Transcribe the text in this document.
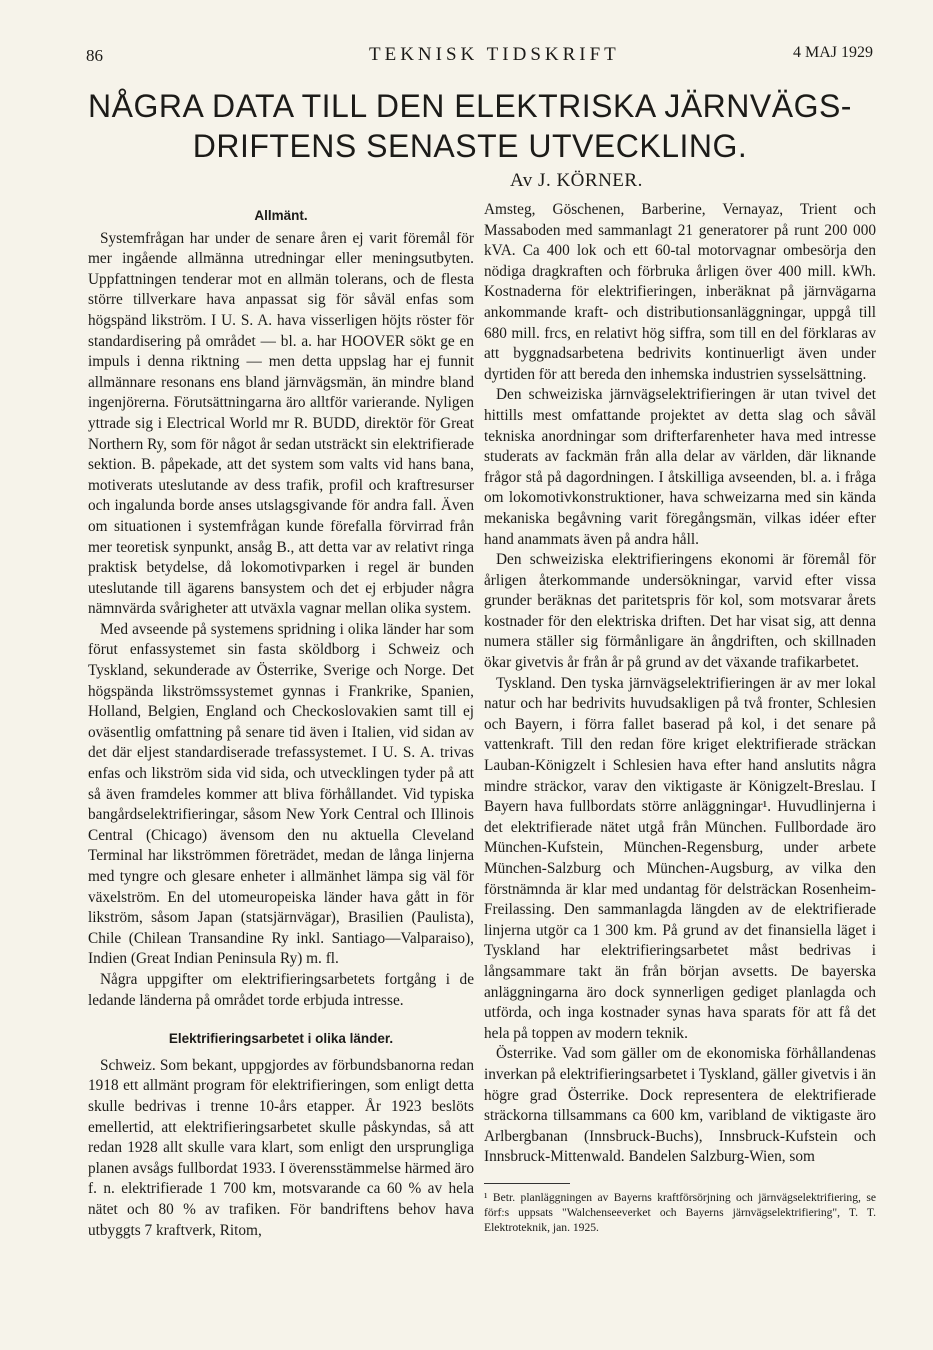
86	TEKNISK TIDSKRIFT	4 MAJ 1929
NÅGRA DATA TILL DEN ELEKTRISKA JÄRNVÄGS-
DRIFTENS SENASTE UTVECKLING.
Av J. KÖRNER.
Allmänt.

Systemfrågan har under de senare åren ej varit föremål för mer ingående allmänna utredningar eller meningsutbyten. Uppfattningen tenderar mot en allmän tolerans, och de flesta större tillverkare hava anpassat sig för såväl enfas som högspänd likström. I U. S. A. hava visserligen höjts röster för standardisering på området — bl. a. har HOOVER sökt ge en impuls i denna riktning — men detta uppslag har ej funnit allmännare resonans ens bland järnvägsmän, än mindre bland ingenjörerna. Förutsättningarna äro alltför varierande. Nyligen yttrade sig i Electrical World mr R. BUDD, direktör för Great Northern Ry, som för något år sedan utsträckt sin elektrifierade sektion. B. påpekade, att det system som valts vid hans bana, motiverats uteslutande av dess trafik, profil och kraftresurser och ingalunda borde anses utslagsgivande för andra fall. Även om situationen i systemfrågan kunde förefalla förvirrad från mer teoretisk synpunkt, ansåg B., att detta var av relativt ringa praktisk betydelse, då lokomotivparken i regel är bunden uteslutande till ägarens bansystem och det ej erbjuder några nämnvärda svårigheter att utväxla vagnar mellan olika system.

Med avseende på systemens spridning i olika länder har som förut enfassystemet sin fasta sköldborg i Schweiz och Tyskland, sekunderade av Österrike, Sverige och Norge. Det högspända likströmssystemet gynnas i Frankrike, Spanien, Holland, Belgien, England och Checkoslovakien samt till ej oväsentlig omfattning på senare tid även i Italien, vid sidan av det där eljest standardiserade trefassystemet. I U. S. A. trivas enfas och likström sida vid sida, och utvecklingen tyder på att så även framdeles kommer att bliva förhållandet. Vid typiska bangårdselektrifieringar, såsom New York Central och Illinois Central (Chicago) ävensom den nu aktuella Cleveland Terminal har likströmmen företrädet, medan de långa linjerna med tyngre och glesare enheter i allmänhet lämpa sig väl för växelström. En del utomeuropeiska länder hava gått in för likström, såsom Japan (statsjärnvägar), Brasilien (Paulista), Chile (Chilean Transandine Ry inkl. Santiago—Valparaiso), Indien (Great Indian Peninsula Ry) m. fl.

Några uppgifter om elektrifieringsarbetets fortgång i de ledande länderna på området torde erbjuda intresse.

Elektrifieringsarbetet i olika länder.

Schweiz. Som bekant, uppgjordes av förbundsbanorna redan 1918 ett allmänt program för elektrifieringen, som enligt detta skulle bedrivas i trenne 10-års etapper. År 1923 beslöts emellertid, att elektrifieringsarbetet skulle påskyndas, så att redan 1928 allt skulle vara klart, som enligt den ursprungliga planen avsågs fullbordat 1933. I överensstämmelse härmed äro f. n. elektrifierade 1 700 km, motsvarande ca 60 % av hela nätet och 80 % av trafiken. För bandriftens behov hava utbyggts 7 kraftverk, Ritom,

Amsteg, Göschenen, Barberine, Vernayaz, Trient och Massaboden med sammanlagt 21 generatorer på runt 200 000 kVA. Ca 400 lok och ett 60-tal motorvagnar ombesörja den nödiga dragkraften och förbruka årligen över 400 mill. kWh. Kostnaderna för elektrifieringen, inberäknat på järnvägarna ankommande kraft- och distributionsanläggningar, uppgå till 680 mill. frcs, en relativt hög siffra, som till en del förklaras av att byggnadsarbetena bedrivits kontinuerligt även under dyrtiden för att bereda den inhemska industrien sysselsättning.

Den schweiziska järnvägselektrifieringen är utan tvivel det hittills mest omfattande projektet av detta slag och såväl tekniska anordningar som drifterfarenheter hava med intresse studerats av fackmän från alla delar av världen, där liknande frågor stå på dagordningen. I åtskilliga avseenden, bl. a. i fråga om lokomotivkonstruktioner, hava schweizarna med sin kända mekaniska begåvning varit föregångsmän, vilkas idéer efter hand anammats även på andra håll.

Den schweiziska elektrifieringens ekonomi är föremål för årligen återkommande undersökningar, varvid efter vissa grunder beräknas det paritetspris för kol, som motsvarar årets kostnader för den elektriska driften. Det har visat sig, att denna numera ställer sig förmånligare än ångdriften, och skillnaden ökar givetvis år från år på grund av det växande trafikarbetet.

Tyskland. Den tyska järnvägselektrifieringen är av mer lokal natur och har bedrivits huvudsakligen på två fronter, Schlesien och Bayern, i förra fallet baserad på kol, i det senare på vattenkraft. Till den redan före kriget elektrifierade sträckan Lauban-Königzelt i Schlesien hava efter hand anslutits några mindre sträckor, varav den viktigaste är Königzelt-Breslau. I Bayern hava fullbordats större anläggningar¹. Huvudlinjerna i det elektrifierade nätet utgå från München. Fullbordade äro München-Kufstein, München-Regensburg, under arbete München-Salzburg och München-Augsburg, av vilka den förstnämnda är klar med undantag för delsträckan Rosenheim-Freilassing. Den sammanlagda längden av de elektrifierade linjerna utgör ca 1 300 km. På grund av det finansiella läget i Tyskland har elektrifieringsarbetet måst bedrivas i långsammare takt än från början avsetts. De bayerska anläggningarna äro dock synnerligen gediget planlagda och utförda, och inga kostnader synas hava sparats för att få det hela på toppen av modern teknik.

Österrike. Vad som gäller om de ekonomiska förhållandenas inverkan på elektrifieringsarbetet i Tyskland, gäller givetvis i än högre grad Österrike. Dock representera de elektrifierade sträckorna tillsammans ca 600 km, varibland de viktigaste äro Arlbergbanan (Innsbruck-Buchs), Innsbruck-Kufstein och Innsbruck-Mittenwald. Bandelen Salzburg-Wien, som

¹ Betr. planläggningen av Bayerns kraftförsörjning och järnvägselektrifiering, se förf:s uppsats "Walchenseeverket och Bayerns järnvägselektrifiering", T. T. Elektroteknik, jan. 1925.
